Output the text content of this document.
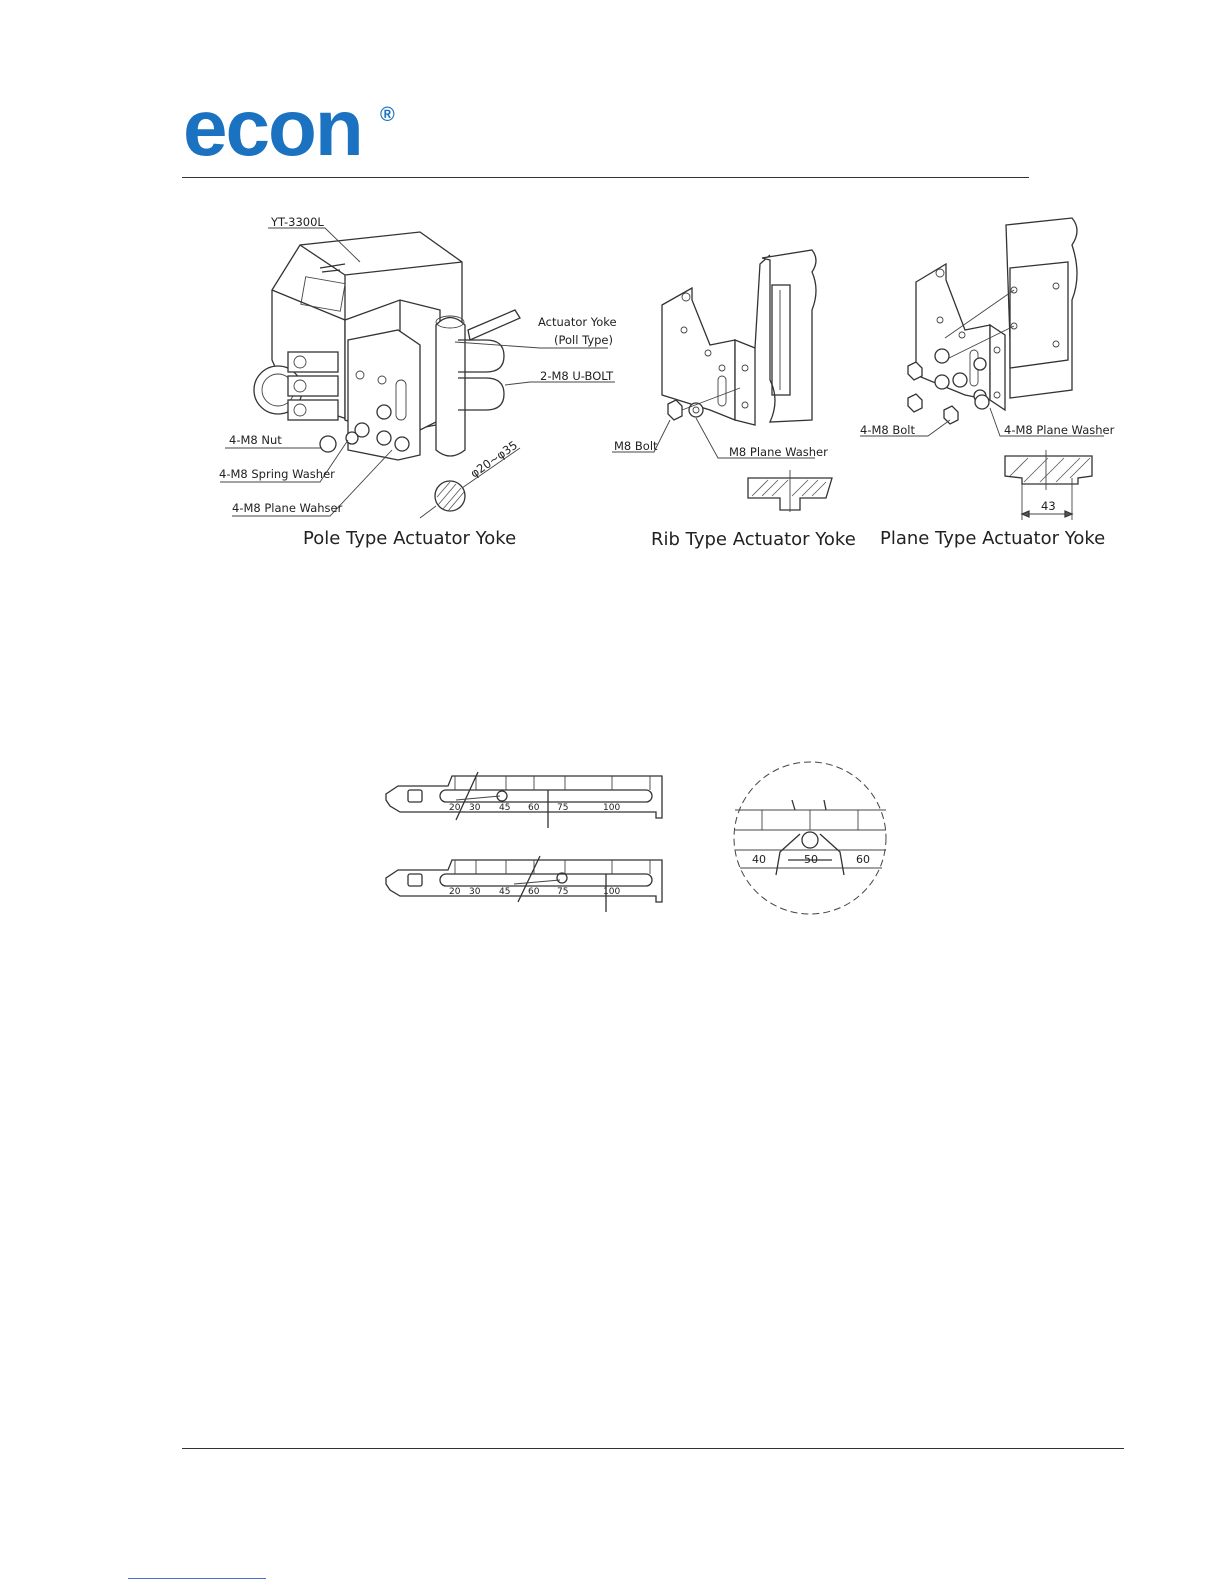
econ ®
YT-3300L
Actuator Yoke
(Poll Type)
2-M8 U-BOLT
4-M8 Nut
4-M8 Spring Washer
4-M8 Plane Wahser
φ20~φ35	M8 Bolt	M8 Plane Washer
43
4-M8 Bolt	4-M8 Plane Washer
Pole Type Actuator Yoke	Rib Type Actuator Yoke Plane Type Actuator Yoke
20 30 45 60 75	100
20 30 45 60 75	100
40	50	60
